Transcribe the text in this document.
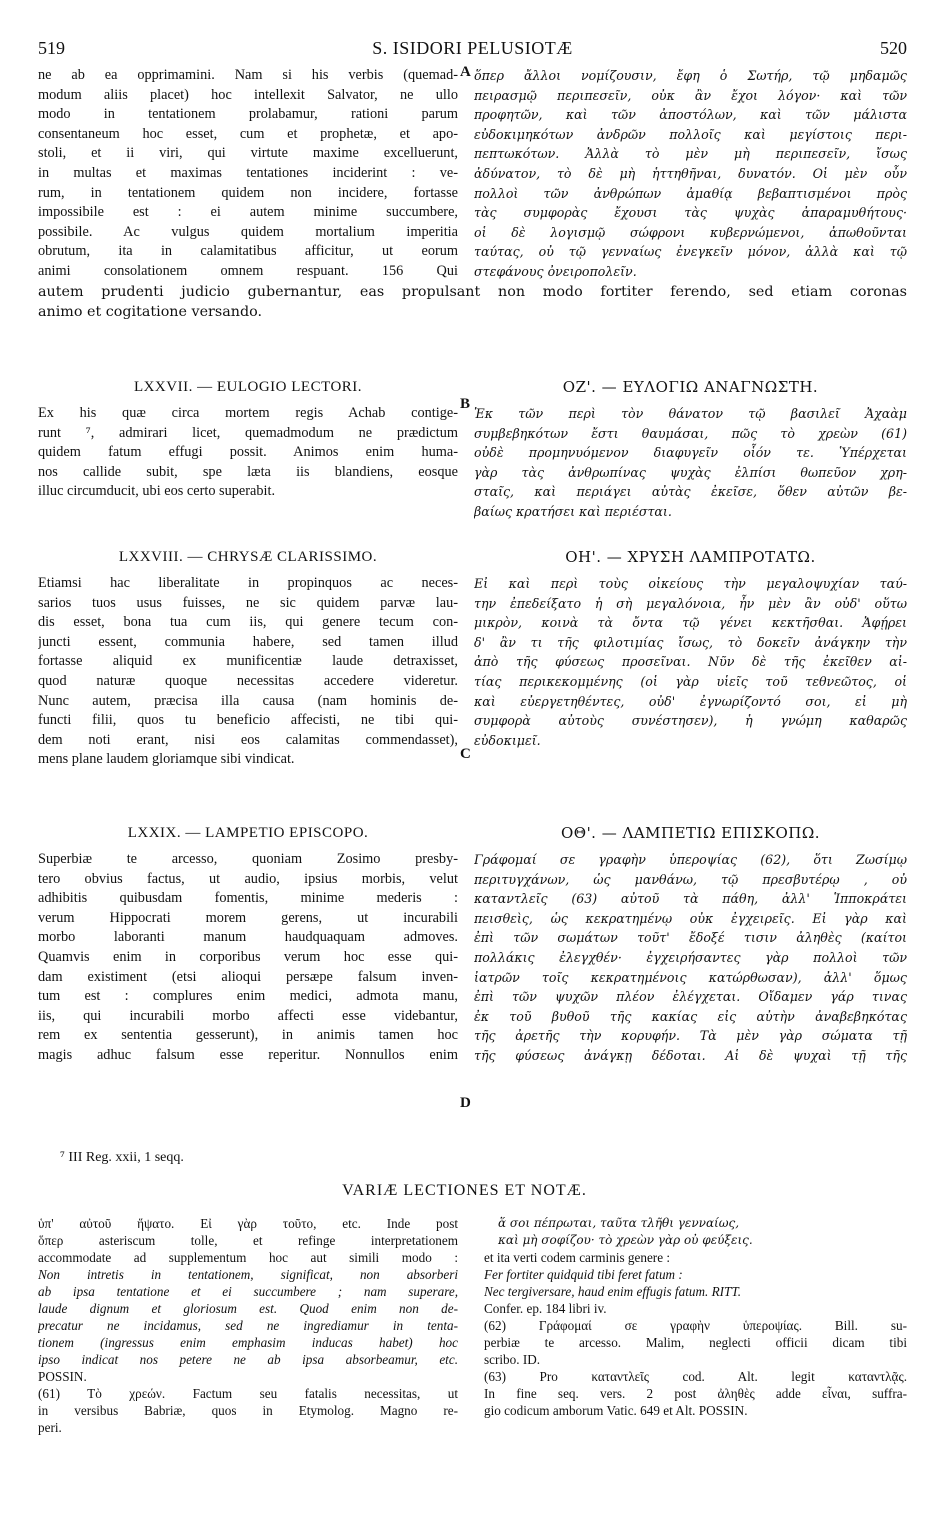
519	S. ISIDORI PELUSIOTÆ	520
ne ab ea opprimamini. Nam si his verbis (quemad-
modum aliis placet) hoc intellexit Salvator, ne ullo
modo in tentationem prolabamur, rationi parum
consentaneum hoc esset, cum et prophetæ, et apo-
stoli, et ii viri, qui virtute maxime excelluerunt,
in multas et maximas tentationes inciderint : ve-
rum, in tentationem quidem non incidere, fortasse
impossibile est : ei autem minime succumbere,
possibile. Ac vulgus quidem mortalium imperitia
obrutum, ita in calamitatibus afficitur, ut eorum
animi consolationem omnem respuant. 156 Qui
ὅπερ ἄλλοι νομίζουσιν, ἔφη ὁ Σωτήρ, τῷ μηδαμῶς
πειρασμῷ περιπεσεῖν, οὐκ ἂν ἔχοι λόγον· καὶ τῶν
προφητῶν, καὶ τῶν ἀποστόλων, καὶ τῶν μάλιστα
εὐδοκιμηκότων ἀνδρῶν πολλοῖς καὶ μεγίστοις περι-
πεπτωκότων. Ἀλλὰ τὸ μὲν μὴ περιπεσεῖν, ἴσως
ἀδύνατον, τὸ δὲ μὴ ἡττηθῆναι, δυνατόν. Οἱ μὲν οὖν
πολλοὶ τῶν ἀνθρώπων ἀμαθίᾳ βεβαπτισμένοι πρὸς
τὰς συμφορὰς ἔχουσι τὰς ψυχὰς ἀπαραμυθήτους·
οἱ δὲ λογισμῷ σώφρονι κυβερνώμενοι, ἀπωθοῦνται
ταύτας, οὐ τῷ γενναίως ἐνεγκεῖν μόνον, ἀλλὰ καὶ τῷ
στεφάνους ὀνειροπολεῖν.
A
autem prudenti judicio gubernantur, eas propulsant non modo fortiter ferendo, sed etiam coronas
animo et cogitatione versando.
LXXVII. — EULOGIO LECTORI.
Ex his quæ circa mortem regis Achab contige-
runt ⁷, admirari licet, quemadmodum ne prædictum
quidem fatum effugi possit. Animos enim huma-
nos callide subit, spe læta iis blandiens, eosque
illuc circumducit, ubi eos certo superabit.
ΟΖ'. — ΕΥΛΟΓΙΩ ΑΝΑΓΝΩΣΤΗ.
Ἐκ τῶν περὶ τὸν θάνατον τῷ βασιλεῖ Ἀχαὰμ
συμβεβηκότων ἔστι θαυμάσαι, πῶς τὸ χρεὼν (61)
οὐδὲ προμηνυόμενον διαφυγεῖν οἷόν τε. Ὑπέρχεται
γὰρ τὰς ἀνθρωπίνας ψυχὰς ἐλπίσι θωπεῦον χρη-
σταῖς, καὶ περιάγει αὐτὰς ἐκεῖσε, ὅθεν αὐτῶν βε-
βαίως κρατήσει καὶ περιέσται.
B
LXXVIII. — CHRYSÆ CLARISSIMO.
Etiamsi hac liberalitate in propinquos ac neces-
sarios tuos usus fuisses, ne sic quidem parvæ lau-
dis esset, bona tua cum iis, qui genere tecum con-
juncti essent, communia habere, sed tamen illud
fortasse aliquid ex munificentiæ laude detraxisset,
quod naturæ quoque necessitas accedere videretur.
Nunc autem, præcisa illa causa (nam hominis de-
functi filii, quos tu beneficio affecisti, ne tibi qui-
dem noti erant, nisi eos calamitas commendasset),
mens plane laudem gloriamque sibi vindicat.
ΟΗ'. — ΧΡΥΣΗ ΛΑΜΠΡΟΤΑΤΩ.
Εἰ καὶ περὶ τοὺς οἰκείους τὴν μεγαλοψυχίαν ταύ-
την ἐπεδείξατο ἡ σὴ μεγαλόνοια, ἦν μὲν ἂν οὐδ' οὕτω
μικρὸν, κοινὰ τὰ ὄντα τῷ γένει κεκτῆσθαι. Ἀφῄρει
δ' ἂν τι τῆς φιλοτιμίας ἴσως, τὸ δοκεῖν ἀνάγκην τὴν
ἀπὸ τῆς φύσεως προσεῖναι. Νῦν δὲ τῆς ἐκεῖθεν αἰ-
τίας περικεκομμένης (οἱ γὰρ υἱεῖς τοῦ τεθνεῶτος, οἱ
καὶ εὐεργετηθέντες, οὐδ' ἐγνωρίζοντό σοι, εἰ μὴ
συμφορὰ αὐτοὺς συνέστησεν), ἡ γνώμη καθαρῶς
εὐδοκιμεῖ.
C
LXXIX. — LAMPETIO EPISCOPO.
Superbiæ te arcesso, quoniam Zosimo presby-
tero obvius factus, ut audio, ipsius morbis, velut
adhibitis quibusdam fomentis, minime mederis :
verum Hippocrati morem gerens, ut incurabili
morbo laboranti manum haudquaquam admoves.
Quamvis enim in corporibus verum hoc esse qui-
dam existiment (etsi alioqui persæpe falsum inven-
tum est : complures enim medici, admota manu,
iis, qui incurabili morbo affecti esse videbantur,
rem ex sententia gesserunt), in animis tamen hoc
magis adhuc falsum esse reperitur. Nonnullos enim
ΟΘ'. — ΛΑΜΠΕΤΙΩ ΕΠΙΣΚΟΠΩ.
Γράφομαί σε γραφὴν ὑπεροψίας (62), ὅτι Ζωσίμῳ
περιτυγχάνων, ὡς μανθάνω, τῷ πρεσβυτέρῳ , οὐ
καταντλεῖς (63) αὐτοῦ τὰ πάθη, ἀλλ' Ἱπποκράτει
πεισθεὶς, ὡς κεκρατημένῳ οὐκ ἐγχειρεῖς. Εἰ γὰρ καὶ
ἐπὶ τῶν σωμάτων τοῦτ' ἔδοξέ τισιν ἀληθὲς (καίτοι
πολλάκις ἐλεγχθέν· ἐγχειρήσαντες γὰρ πολλοὶ τῶν
ἰατρῶν τοῖς κεκρατημένοις κατώρθωσαν), ἀλλ' ὅμως
ἐπὶ τῶν ψυχῶν πλέον ἐλέγχεται. Οἴδαμεν γάρ τινας
ἐκ τοῦ βυθοῦ τῆς κακίας εἰς αὐτὴν ἀναβεβηκότας
τῆς ἀρετῆς τὴν κορυφήν. Τὰ μὲν γὰρ σώματα τῇ
τῆς φύσεως ἀνάγκῃ δέδοται. Αἱ δὲ ψυχαὶ τῇ τῆς
D
⁷ III Reg. xxii, 1 seqq.
VARIÆ LECTIONES ET NOTÆ.
ὑπ' αὐτοῦ ἥψατο. Εἰ γὰρ τοῦτο, etc. Inde post
ὅπερ asteriscum tolle, et refinge interpretationem
accommodate ad supplementum hoc aut simili modo :
Non intretis in tentationem, significat, non absorberi
ab ipsa tentatione et ei succumbere ; nam superare,
laude dignum et gloriosum est. Quod enim non de-
precatur ne incidamus, sed ne ingrediamur in tenta-
tionem (ingressus enim emphasim inducas habet) hoc
ipso indicat nos petere ne ab ipsa absorbeamur, etc.
POSSIN.
(61) Τὸ χρεών. Factum seu fatalis necessitas, ut
in versibus Babriæ, quos in Etymolog. Magno re-
peri.
ἅ σοι πέπρωται, ταῦτα τλῆθι γενναίως,
καὶ μὴ σοφίζου· τὸ χρεὼν γὰρ οὐ φεύξεις.
et ita verti codem carminis genere :
Fer fortiter quidquid tibi feret fatum :
Nec tergiversare, haud enim effugis fatum. RITT.
Confer. ep. 184 libri iv.
(62) Γράφομαί σε γραφὴν ὑπεροψίας. Bill. su-
perbiæ te arcesso. Malim, neglecti officii dicam tibi
scribo. ID.
(63) Pro καταντλεῖς cod. Alt. legit καταντλᾷς.
In fine seq. vers. 2 post ἀληθὲς adde εἶναι, suffra-
gio codicum amborum Vatic. 649 et Alt. POSSIN.
